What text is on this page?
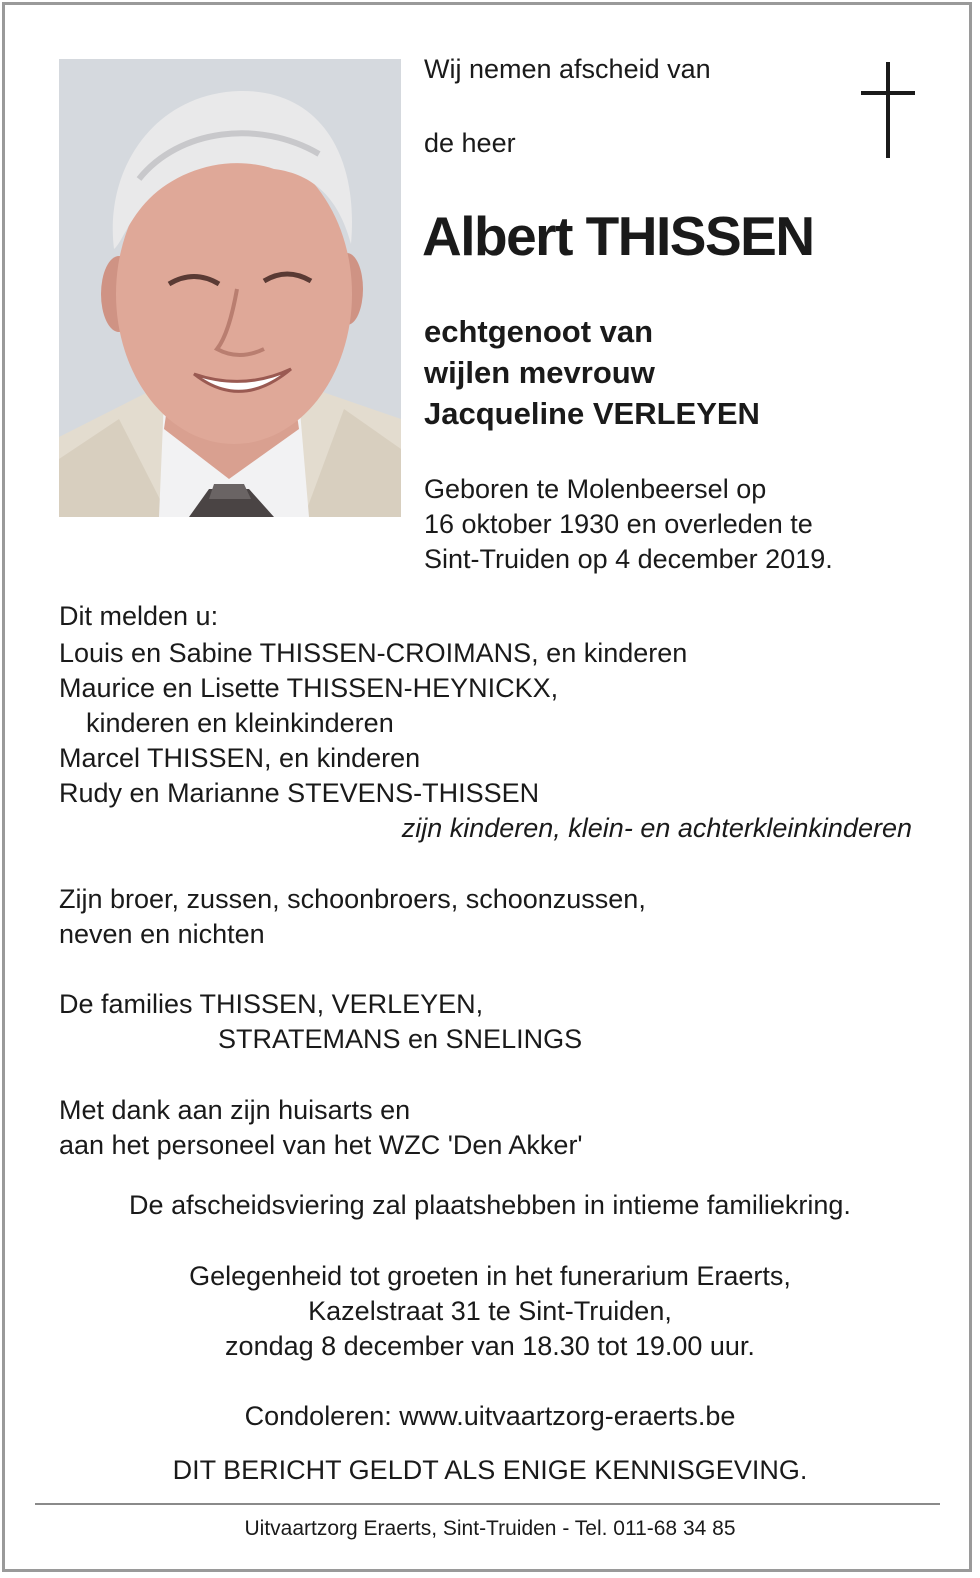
Wij nemen afscheid van
de heer
Albert THISSEN
echtgenoot van
wijlen mevrouw
Jacqueline VERLEYEN
Geboren te Molenbeersel op
16 oktober 1930 en overleden te
Sint-Truiden op 4 december 2019.
Dit melden u:
Louis en Sabine THISSEN-CROIMANS, en kinderen
Maurice en Lisette THISSEN-HEYNICKX,
kinderen en kleinkinderen
Marcel THISSEN, en kinderen
Rudy en Marianne STEVENS-THISSEN
zijn kinderen, klein- en achterkleinkinderen
Zijn broer, zussen, schoonbroers, schoonzussen,
neven en nichten
De families THISSEN, VERLEYEN,
STRATEMANS en SNELINGS
Met dank aan zijn huisarts en
aan het personeel van het WZC 'Den Akker'
De afscheidsviering zal plaatshebben in intieme familiekring.
Gelegenheid tot groeten in het funerarium Eraerts,
Kazelstraat 31 te Sint-Truiden,
zondag 8 december van 18.30 tot 19.00 uur.
Condoleren: www.uitvaartzorg-eraerts.be
DIT BERICHT GELDT ALS ENIGE KENNISGEVING.
Uitvaartzorg Eraerts, Sint-Truiden - Tel. 011-68 34 85
